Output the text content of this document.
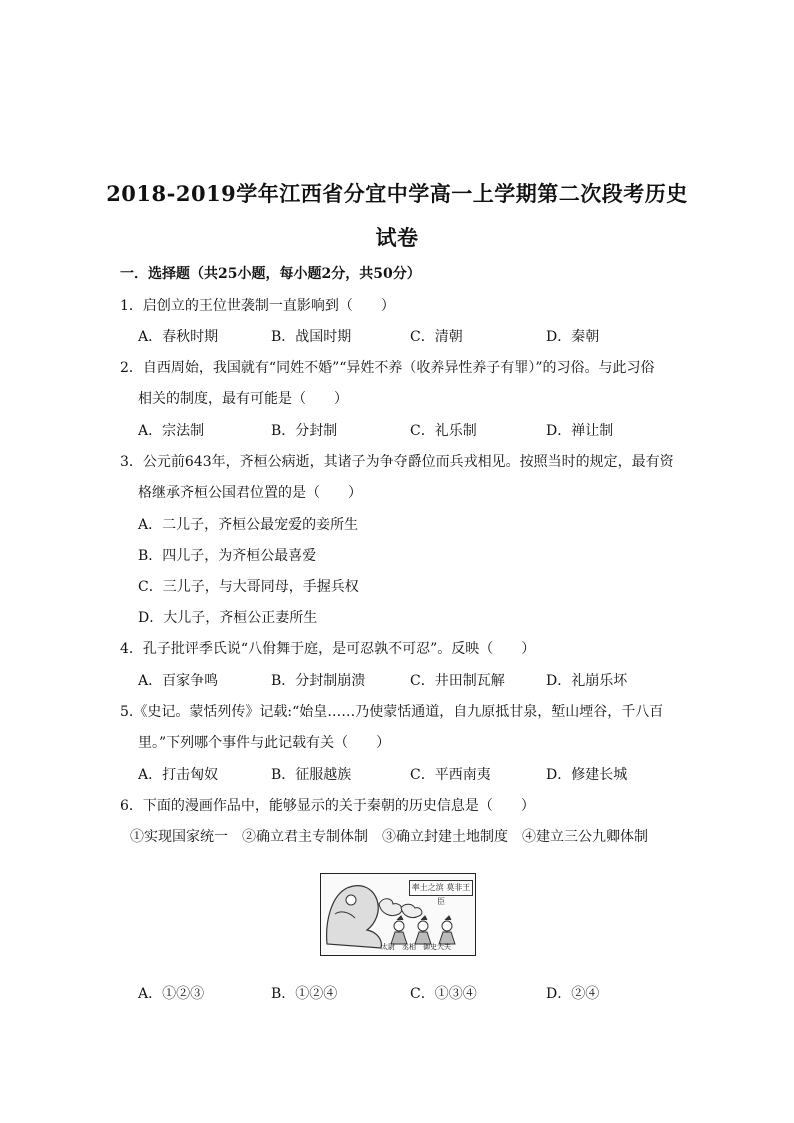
2018-2019学年江西省分宜中学高一上学期第二次段考历史
试卷
一．选择题（共25小题，每小题2分，共50分）
1．启创立的王位世袭制一直影响到（　　）
A．春秋时期	B．战国时期	C．清朝	D．秦朝
2．自西周始，我国就有“同姓不婚”“异姓不养（收养异性养子有罪）”的习俗。与此习俗
相关的制度，最有可能是（　　）
A．宗法制	B．分封制	C．礼乐制	D．禅让制
3．公元前643年，齐桓公病逝，其诸子为争夺爵位而兵戎相见。按照当时的规定，最有资
格继承齐桓公国君位置的是（　　）
A．二儿子，齐桓公最宠爱的妾所生
B．四儿子，为齐桓公最喜爱
C．三儿子，与大哥同母，手握兵权
D．大儿子，齐桓公正妻所生
4．孔子批评季氏说“八佾舞于庭，是可忍孰不可忍”。反映（　　）
A．百家争鸣	B．分封制崩溃	C．井田制瓦解	D．礼崩乐坏
5.《史记。蒙恬列传》记载:“始皇……乃使蒙恬通道，自九原抵甘泉，堑山堙谷，千八百
里。”下列哪个事件与此记载有关（　　）
A．打击匈奴	B．征服越族	C．平西南夷	D．修建长城
6．下面的漫画作品中，能够显示的关于秦朝的历史信息是（　　）
①实现国家统一　②确立君主专制体制　③确立封建土地制度　④建立三公九卿体制
率土之滨 莫非王臣
太尉　丞相　御史大夫
A．①②③	B．①②④	C．①③④	D．②④
